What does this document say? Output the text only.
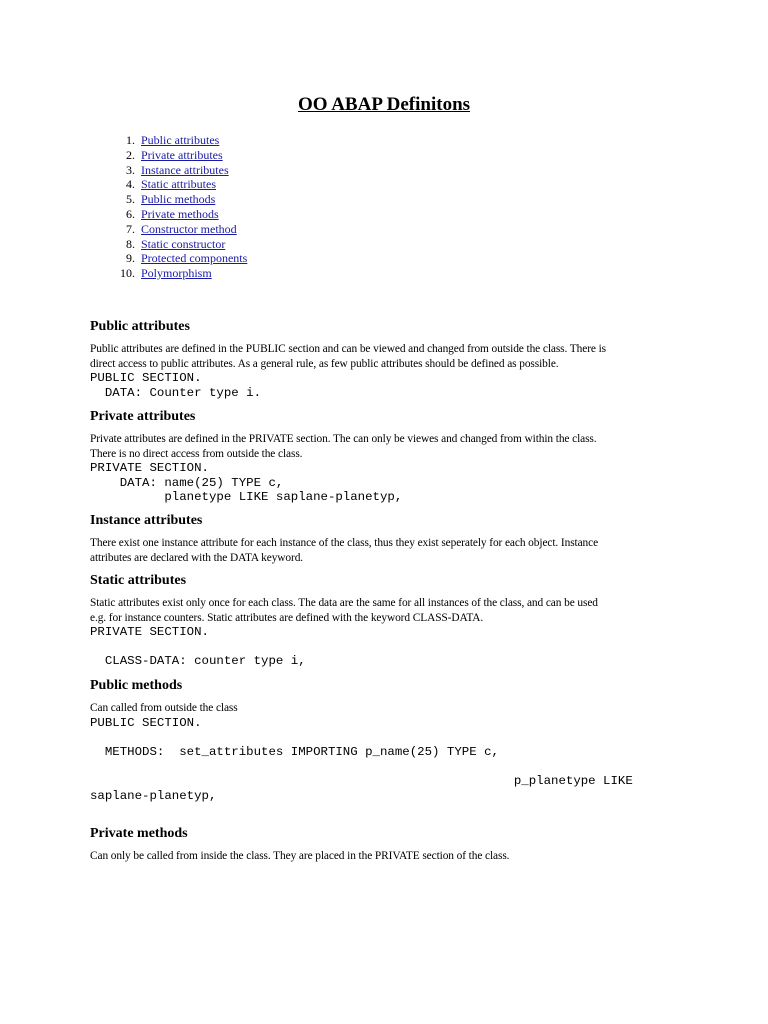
OO ABAP Definitons
1.
Public attributes
2.
Private attributes
3.
Instance attributes
4.
Static attributes
5.
Public methods
6.
Private methods
7.
Constructor method
8.
Static constructor
9.
Protected components
10.
Polymorphism
Public attributes

Public attributes are defined in the PUBLIC section and can be viewed and changed from outside the class. There is

direct access to public attributes. As a general rule, as few public attributes should be defined as possible.

PUBLIC SECTION.
DATA: Counter type i.
Private attributes

Private attributes are defined in the PRIVATE section. The can only be viewes and changed from within the class.

There is no direct access from outside the class.

PRIVATE SECTION.
DATA: name(25) TYPE c,
planetype LIKE saplane-planetyp,
Instance attributes

There exist one instance attribute for each instance of the class, thus they exist seperately for each object. Instance

attributes are declared with the DATA keyword.

Static attributes

Static attributes exist only once for each class. The data are the same for all instances of the class, and can be used

e.g. for instance counters. Static attributes are defined with the keyword CLASS-DATA.

PRIVATE SECTION.

CLASS-DATA: counter type i,
Public methods

Can called from outside the class

PUBLIC SECTION.

METHODS:  set_attributes IMPORTING p_name(25) TYPE c,

p_planetype LIKE
saplane-planetyp,
Private methods

Can only be called from inside the class. They are placed in the PRIVATE section of the class.
